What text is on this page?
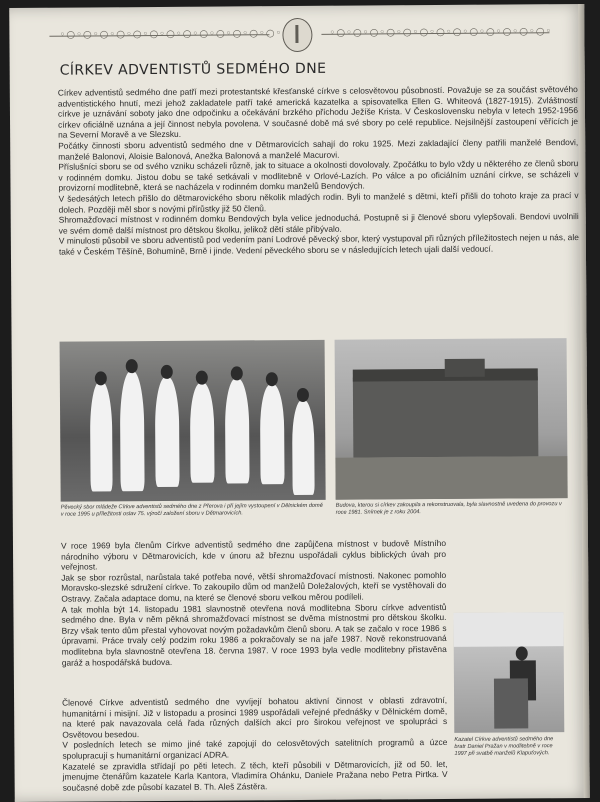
◦○◦○◦○◦○◦○◦○◦○◦○◦○◦○◦○◦○◦○◦	◦○◦○◦○◦○◦○◦○◦○◦○◦○◦○◦○◦○◦○◦
CÍRKEV ADVENTISTŮ SEDMÉHO DNE

Církev adventistů sedmého dne patří mezi protestantské křesťanské církve s celosvětovou působností. Považuje se za součást světového adventistického hnutí, mezi jehož zakladatele patří také americká kazatelka a spisovatelka Ellen G. Whiteová (1827-1915). Zvláštností církve je uznávání soboty jako dne odpočinku a očekávání brzkého příchodu Ježíše Krista. V Československu nebyla v letech 1952-1956 církev oficiálně uznána a její činnost nebyla povolena. V současné době má své sbory po celé republice. Nejsilnější zastoupení věřících je na Severní Moravě a ve Slezsku.

Počátky činnosti sboru adventistů sedmého dne v Dětmarovicích sahají do roku 1925. Mezi zakladající členy patřili manželé Bendovi, manželé Balonovi, Aloisie Balonová, Anežka Balonová a manželé Macurovi.

Příslušníci sboru se od svého vzniku scházeli různě, jak to situace a okolnosti dovolovaly. Zpočátku to bylo vždy u některého ze členů sboru v rodinném domku. Jistou dobu se také setkávali v modlitebně v Orlové-Lazích. Po válce a po oficiálním uznání církve, se scházeli v provizorní modlitebně, která se nacházela v rodinném domku manželů Bendových.

V šedesátých letech přišlo do dětmarovického sboru několik mladých rodin. Byli to manželé s dětmi, kteří přišli do tohoto kraje za prací v dolech. Později měl sbor s novými přírůstky již 50 členů.

Shromažďovací místnost v rodinném domku Bendových byla velice jednoduchá. Postupně si ji členové sboru vylepšovali. Bendovi uvolnili ve svém domě další místnost pro dětskou školku, jelikož dětí stále přibývalo.

V minulosti působil ve sboru adventistů pod vedením paní Lodrové pěvecký sbor, který vystupoval při různých příležitostech nejen u nás, ale také v Českém Těšíně, Bohumíně, Brně i jinde. Vedení pěveckého sboru se v následujících letech ujali další vedoucí.

Pěvecký sbor mládeže Církve adventistů sedmého dne z Přerova i při jejím vystoupení v Dělnickém domě v roce 1995 u příležitosti oslav 75. výročí založení sboru v Dětmarovicích.
Budova, kterou si církev zakoupila a rekonstruovala, byla slavnostně uvedena do provozu v roce 1981. Snímek je z roku 2004.

V roce 1969 byla členům Církve adventistů sedmého dne zapůjčena místnost v budově Místního národního výboru v Dětmarovicích, kde v únoru až březnu uspořádali cyklus biblických úvah pro veřejnost.

Jak se sbor rozrůstal, narůstala také potřeba nové, větší shromažďovací místnosti. Nakonec pomohlo Moravsko-slezské sdružení církve. To zakoupilo dům od manželů Doležalových, kteří se vystěhovali do Ostravy. Začala adaptace domu, na které se členové sboru velkou měrou podíleli.

A tak mohla být 14. listopadu 1981 slavnostně otevřena nová modlitebna Sboru církve adventistů sedmého dne. Byla v něm pěkná shromažďovací místnost se dvěma místnostmi pro dětskou školku. Brzy však tento dům přestal vyhovovat novým požadavkům členů sboru. A tak se začalo v roce 1986 s úpravami. Práce trvaly celý podzim roku 1986 a pokračovaly se na jaře 1987. Nově rekonstruovaná modlitebna byla slavnostně otevřena 18. června 1987. V roce 1993 byla vedle modlitebny přistavěna garáž a hospodářská budova.

Členové Církve adventistů sedmého dne vyvíjejí bohatou aktivní činnost v oblasti zdravotní, humanitární i misijní. Již v listopadu a prosinci 1989 uspořádali veřejné přednášky v Dělnickém domě, na které pak navazovala celá řada různých dalších akcí pro širokou veřejnost ve spolupráci s Osvětovou besedou.

V posledních letech se mimo jiné také zapojují do celosvětových satelitních programů a úzce spolupracují s humanitární organizací ADRA.

Kazatelé se zpravidla střídají po pěti letech. Z těch, kteří působili v Dětmarovicích, již od 50. let, jmenujme čtenářům kazatele Karla Kantora, Vladimíra Ohánku, Daniele Pražana nebo Petra Pirtka. V současné době zde působí kazatel B. Th. Aleš Zástěra.

Kazatel Církve adventistů sedmého dne bratr Daniel Pražan v modlitebně v roce 1997 při svatbě manželů Klapuťových.
